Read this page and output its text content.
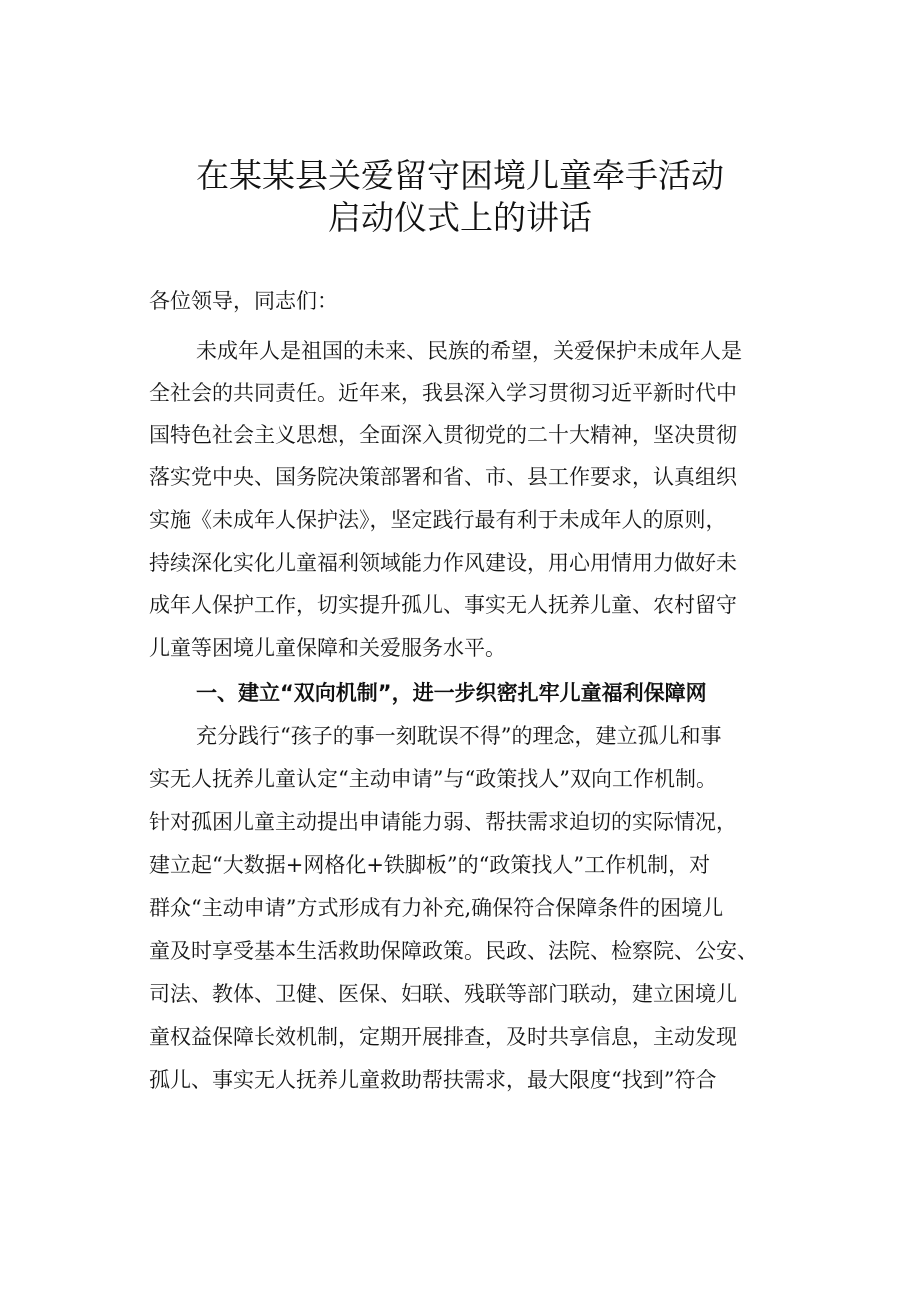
在某某县关爱留守困境儿童牵手活动
启动仪式上的讲话
各位领导，同志们：
未成年人是祖国的未来、民族的希望，关爱保护未成年人是
全社会的共同责任。近年来，我县深入学习贯彻习近平新时代中
国特色社会主义思想，全面深入贯彻党的二十大精神，坚决贯彻
落实党中央、国务院决策部署和省、市、县工作要求，认真组织
实施《未成年人保护法》，坚定践行最有利于未成年人的原则，
持续深化实化儿童福利领域能力作风建设，用心用情用力做好未
成年人保护工作，切实提升孤儿、事实无人抚养儿童、农村留守
儿童等困境儿童保障和关爱服务水平。
一、建立“双向机制”，进一步织密扎牢儿童福利保障网
充分践行“孩子的事一刻耽误不得”的理念，建立孤儿和事
实无人抚养儿童认定“主动申请”与“政策找人”双向工作机制。
针对孤困儿童主动提出申请能力弱、帮扶需求迫切的实际情况，
建立起“大数据+网格化+铁脚板”的“政策找人”工作机制，对
群众“主动申请”方式形成有力补充,确保符合保障条件的困境儿
童及时享受基本生活救助保障政策。民政、法院、检察院、公安、
司法、教体、卫健、医保、妇联、残联等部门联动，建立困境儿
童权益保障长效机制，定期开展排查，及时共享信息，主动发现
孤儿、事实无人抚养儿童救助帮扶需求，最大限度“找到”符合
